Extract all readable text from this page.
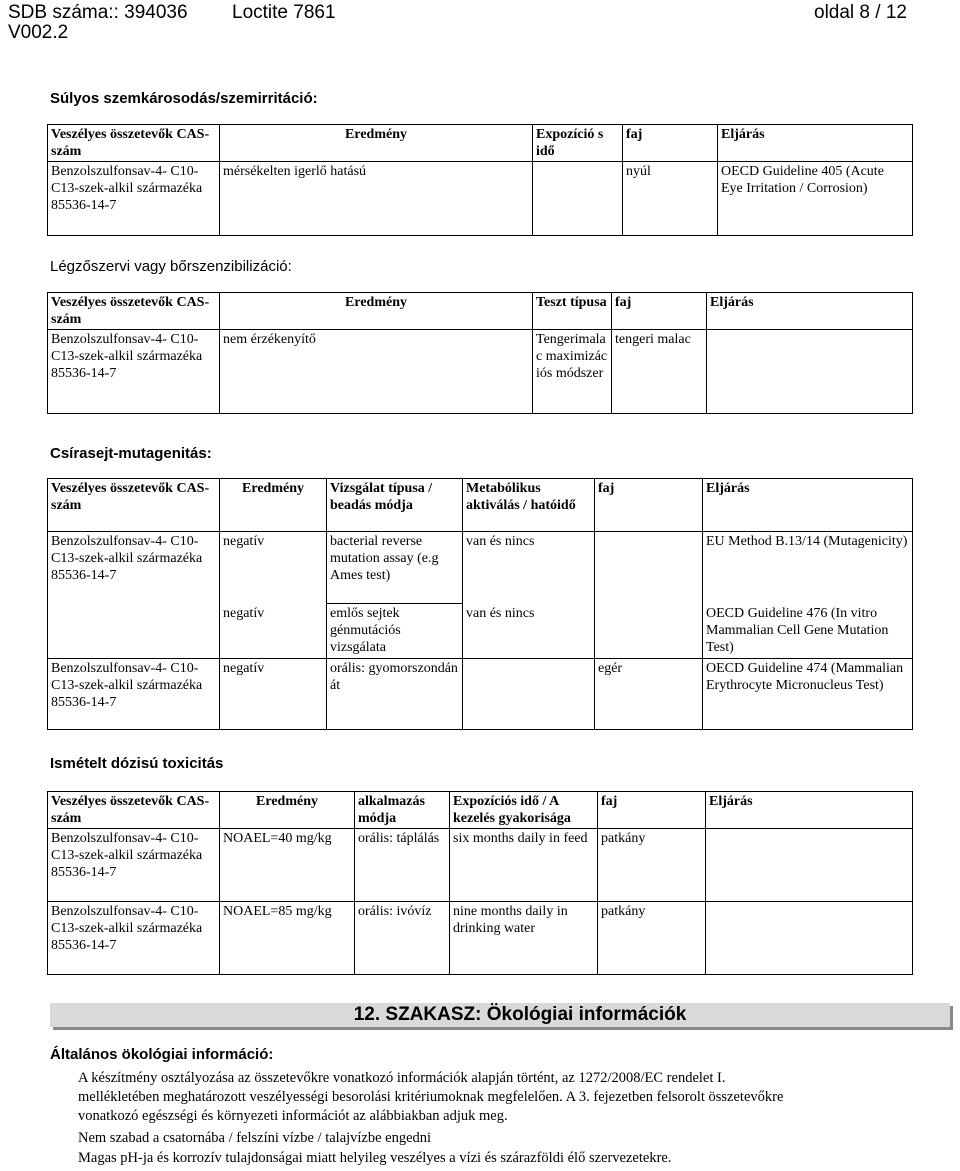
SDB száma:: 394036
V002.2
Loctite 7861	oldal 8 / 12
Súlyos szemkárosodás/szemirritáció:
Veszélyes összetevők CAS-szám	Eredmény	Expozíció s idő	faj	Eljárás
Benzolszulfonsav-4- C10-C13-szek-alkil származéka 85536-14-7	mérsékelten igerlő hatású		nyúl	OECD Guideline 405 (Acute Eye Irritation / Corrosion)
Légzőszervi vagy bőrszenzibilizáció:
Veszélyes összetevők CAS-szám	Eredmény	Teszt típusa	faj	Eljárás
Benzolszulfonsav-4- C10-C13-szek-alkil származéka 85536-14-7	nem érzékenyítő	Tengerimalac maximizációs módszer	tengeri malac	
Csírasejt-mutagenitás:
Veszélyes összetevők CAS-szám	Eredmény	Vizsgálat típusa / beadás módja	Metabólikus aktiválás / hatóidő	faj	Eljárás
Benzolszulfonsav-4- C10-C13-szek-alkil származéka 85536-14-7	negatív	bacterial reverse mutation assay (e.g Ames test)	van és nincs		EU Method B.13/14 (Mutagenicity)
	negatív	emlős sejtek génmutációs vizsgálata	van és nincs		OECD Guideline 476 (In vitro Mammalian Cell Gene Mutation Test)
Benzolszulfonsav-4- C10-C13-szek-alkil származéka 85536-14-7	negatív	orális: gyomorszondán át		egér	OECD Guideline 474 (Mammalian Erythrocyte Micronucleus Test)
Ismételt dózisú toxicitás
Veszélyes összetevők CAS-szám	Eredmény	alkalmazás módja	Expozíciós idő / A kezelés gyakorisága	faj	Eljárás
Benzolszulfonsav-4- C10-C13-szek-alkil származéka 85536-14-7	NOAEL=40 mg/kg	orális: táplálás	six months daily in feed	patkány	
Benzolszulfonsav-4- C10-C13-szek-alkil származéka 85536-14-7	NOAEL=85 mg/kg	orális: ivóvíz	nine months daily in drinking water	patkány	
12. SZAKASZ: Ökológiai információk
Általános ökológiai információ:
A készítmény osztályozása az összetevőkre vonatkozó információk alapján történt, az 1272/2008/EC rendelet I.
mellékletében meghatározott veszélyességi besorolási kritériumoknak megfelelően. A 3. fejezetben felsorolt összetevőkre
vonatkozó egészségi és környezeti információt az alábbiakban adjuk meg.
Nem szabad a csatornába / felszíni vízbe / talajvízbe engedni
Magas pH-ja és korrozív tulajdonságai miatt helyileg veszélyes a vízi és szárazföldi élő szervezetekre.
